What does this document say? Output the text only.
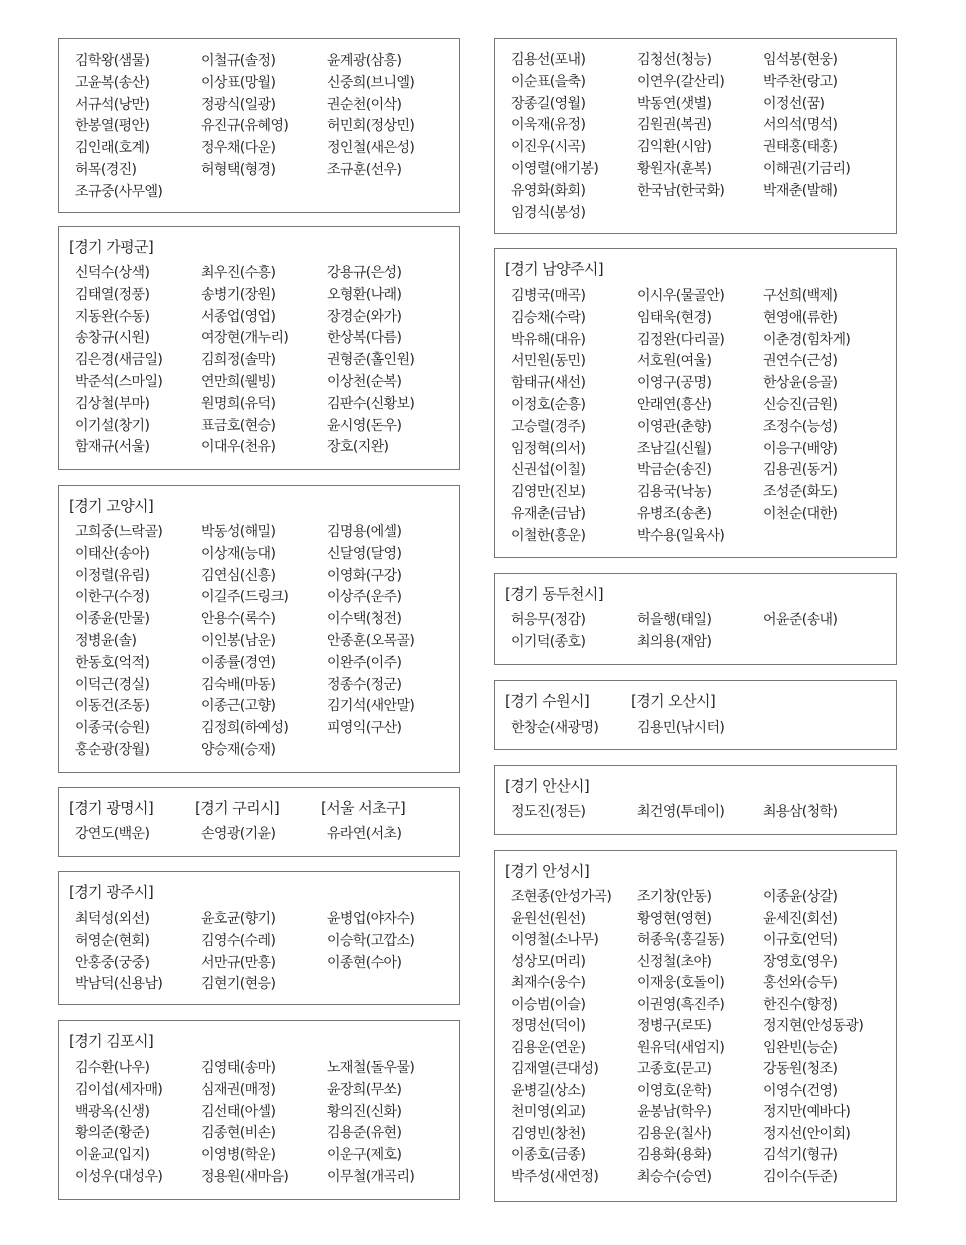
김학왕(샘물)	이철규(솔정)	윤계광(삼흥)
고윤복(송산)	이상표(망월)	신중희(브니엘)
서규석(낭만)	정광식(일광)	권순천(이삭)
한봉열(평안)	유진규(유혜영)	허민회(정상민)
김인래(호계)	정우채(다운)	정인철(새은성)
허목(경진)	허형택(형경)	조규훈(선우)
조규중(사무엘)
[경기 가평군]
신덕수(상색)	최우진(수흥)	강용규(은성)
김태열(정풍)	송병기(장원)	오형환(나래)
지동완(수동)	서종업(영업)	장경순(와가)
송창규(시원)	여장현(개누리)	한상복(다름)
김은경(새금일)	김희정(솔막)	권형준(홀인원)
박준석(스마일)	연만희(웰빙)	이상천(순복)
김상철(부마)	원명희(유덕)	김판수(신황보)
이기설(창기)	표금호(현승)	윤시영(돈우)
함재규(서울)	이대우(천유)	장호(지완)
[경기 고양시]
고희중(느락골)	박동성(해밀)	김명용(에셀)
이태산(송아)	이상재(능대)	신달영(달영)
이정렬(유림)	김연심(신흥)	이영화(구강)
이한구(수정)	이길주(드링크)	이상주(운주)
이종윤(만물)	안용수(록수)	이수택(청전)
정병윤(솔)	이인봉(남운)	안종훈(오목골)
한동호(억적)	이종률(경연)	이완주(이주)
이덕근(경실)	김숙배(마동)	정종수(정군)
이동건(조동)	이종근(고향)	김기석(새안말)
이종국(승원)	김정희(하예성)	피영익(구산)
홍순광(장월)	양승재(승재)
[경기 광명시]	[경기 구리시]	[서울 서초구]
강연도(백운)	손영광(기윤)	유라연(서초)
[경기 광주시]
최덕성(외선)	윤호균(향기)	윤병업(야자수)
허영순(현회)	김영수(수레)	이승학(고깝소)
안홍중(궁중)	서만규(만흥)	이종현(수아)
박남덕(신용남)	김현기(현응)
[경기 김포시]
김수환(나우)	김영태(송마)	노재철(돌우물)
김이섭(세자매)	심재권(매정)	윤장희(무쏘)
백광옥(신생)	김선태(아셀)	황의진(신화)
황의준(황준)	김종현(비손)	김용준(유현)
이윤교(입지)	이영병(학운)	이운구(제호)
이성우(대성우)	정용원(새마음)	이무철(개곡리)
김용선(포내)	김청선(청능)	임석봉(현웅)
이순표(을축)	이연우(갈산리)	박주찬(랑고)
장종길(영월)	박동연(샛별)	이정선(꿈)
이욱재(유정)	김원권(복권)	서의석(명석)
이진우(시곡)	김익환(시암)	권태홍(태홍)
이영렬(애기봉)	황원자(훈복)	이해권(기금리)
유영화(화회)	한국남(한국화)	박재춘(발해)
임경식(봉성)
[경기 남양주시]
김병국(매곡)	이시우(물골안)	구선희(백제)
김승채(수락)	임태욱(현경)	현영애(류한)
박유해(대유)	김정완(다리골)	이춘경(힘차게)
서민원(동민)	서호원(여울)	권연수(근성)
함태규(새선)	이영구(공명)	한상윤(응골)
이정호(순흥)	안래연(흥산)	신승진(금원)
고승렬(경주)	이영관(춘향)	조정수(능성)
임정혁(의서)	조남길(신월)	이응구(배양)
신권섭(이칠)	박금순(송진)	김용권(동거)
김영만(진보)	김용국(낙농)	조성준(화도)
유재춘(금남)	유병조(송촌)	이천순(대한)
이철한(흥운)	박수용(일육사)
[경기 동두천시]
허응무(정감)	허을행(태일)	어윤준(송내)
이기덕(종호)	최의용(재암)
[경기 수원시]	[경기 오산시]
한창순(새광명)	김용민(낚시터)
[경기 안산시]
정도진(정든)	최건영(투데이)	최용삼(청학)
[경기 안성시]
조현종(안성가곡) 조기창(안동)	이종윤(상갈)
윤원선(원선)	황영현(영현)	윤세진(회선)
이영철(소나무)	허종욱(홍길동)	이규호(언덕)
성상모(머리)	신정철(초야)	장영호(영우)
최재수(웅수)	이재웅(호돌이)	홍선와(승두)
이승범(이슬)	이권영(흑진주)	한진수(향정)
정명선(덕이)	정병구(로또)	정지현(안성동광)
김용운(연운)	원유덕(새엄지)	임완빈(능순)
김재열(큰대성)	고종호(문고)	강동원(청조)
윤병길(상소)	이영호(운학)	이영수(건영)
천미영(외교)	윤봉남(학우)	정지만(예바다)
김영빈(창천)	김용운(칠사)	정지선(안이회)
이종호(금종)	김용화(용화)	김석기(형규)
박주성(새연정)	최승수(승연)	김이수(두준)
